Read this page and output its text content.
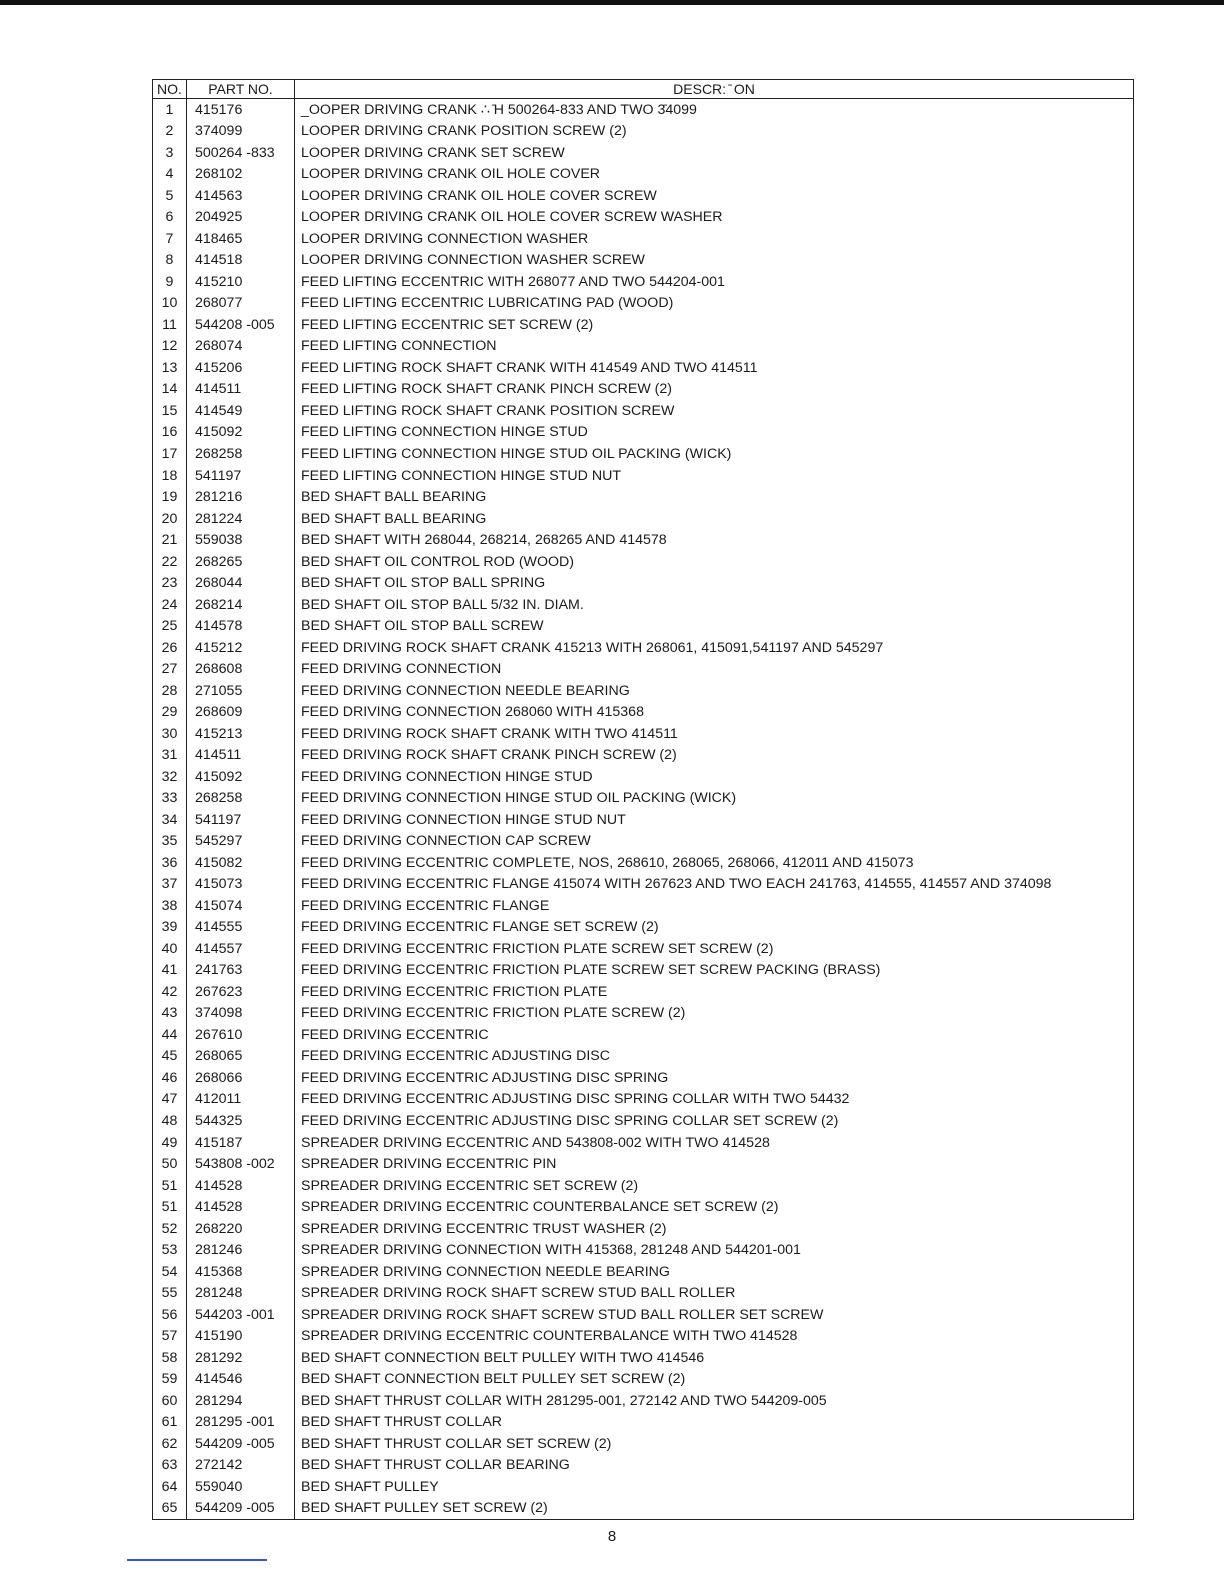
NO.	PART NO.	DESCR: ̄ ON
1	415176	_OOPER DRIVING CRANK ∴ ̄H 500264-833 AND TWO 3̄4099
2	374099	LOOPER DRIVING CRANK POSITION SCREW (2)
3	500264 -833	LOOPER DRIVING CRANK SET SCREW
4	268102	LOOPER DRIVING CRANK OIL HOLE COVER
5	414563	LOOPER DRIVING CRANK OIL HOLE COVER SCREW
6	204925	LOOPER DRIVING CRANK OIL HOLE COVER SCREW WASHER
7	418465	LOOPER DRIVING CONNECTION WASHER
8	414518	LOOPER DRIVING CONNECTION WASHER SCREW
9	415210	FEED LIFTING ECCENTRIC WITH 268077 AND TWO 544204-001
10	268077	FEED LIFTING ECCENTRIC LUBRICATING PAD (WOOD)
11	544208 -005	FEED LIFTING ECCENTRIC SET SCREW (2)
12	268074	FEED LIFTING CONNECTION
13	415206	FEED LIFTING ROCK SHAFT CRANK WITH 414549 AND TWO 414511
14	414511	FEED LIFTING ROCK SHAFT CRANK PINCH SCREW (2)
15	414549	FEED LIFTING ROCK SHAFT CRANK POSITION SCREW
16	415092	FEED LIFTING CONNECTION HINGE STUD
17	268258	FEED LIFTING CONNECTION HINGE STUD OIL PACKING (WICK)
18	541197	FEED LIFTING CONNECTION HINGE STUD NUT
19	281216	BED SHAFT BALL BEARING
20	281224	BED SHAFT BALL BEARING
21	559038	BED SHAFT WITH 268044, 268214, 268265 AND 414578
22	268265	BED SHAFT OIL CONTROL ROD (WOOD)
23	268044	BED SHAFT OIL STOP BALL SPRING
24	268214	BED SHAFT OIL STOP BALL 5/32 IN. DIAM.
25	414578	BED SHAFT OIL STOP BALL SCREW
26	415212	FEED DRIVING ROCK SHAFT CRANK 415213 WITH 268061, 415091,541197 AND 545297
27	268608	FEED DRIVING CONNECTION
28	271055	FEED DRIVING CONNECTION NEEDLE BEARING
29	268609	FEED DRIVING CONNECTION 268060 WITH 415368
30	415213	FEED DRIVING ROCK SHAFT CRANK WITH TWO 414511
31	414511	FEED DRIVING ROCK SHAFT CRANK PINCH SCREW (2)
32	415092	FEED DRIVING CONNECTION HINGE STUD
33	268258	FEED DRIVING CONNECTION HINGE STUD OIL PACKING (WICK)
34	541197	FEED DRIVING CONNECTION HINGE STUD NUT
35	545297	FEED DRIVING CONNECTION CAP SCREW
36	415082	FEED DRIVING ECCENTRIC COMPLETE, NOS, 268610, 268065, 268066, 412011 AND 415073
37	415073	FEED DRIVING ECCENTRIC FLANGE 415074 WITH 267623 AND TWO EACH 241763, 414555, 414557 AND 374098
38	415074	FEED DRIVING ECCENTRIC FLANGE
39	414555	FEED DRIVING ECCENTRIC FLANGE SET SCREW (2)
40	414557	FEED DRIVING ECCENTRIC FRICTION PLATE SCREW SET SCREW (2)
41	241763	FEED DRIVING ECCENTRIC FRICTION PLATE SCREW SET SCREW PACKING (BRASS)
42	267623	FEED DRIVING ECCENTRIC FRICTION PLATE
43	374098	FEED DRIVING ECCENTRIC FRICTION PLATE SCREW (2)
44	267610	FEED DRIVING ECCENTRIC
45	268065	FEED DRIVING ECCENTRIC ADJUSTING DISC
46	268066	FEED DRIVING ECCENTRIC ADJUSTING DISC SPRING
47	412011	FEED DRIVING ECCENTRIC ADJUSTING DISC SPRING COLLAR WITH TWO 54432
48	544325	FEED DRIVING ECCENTRIC ADJUSTING DISC SPRING COLLAR SET SCREW (2)
49	415187	SPREADER DRIVING ECCENTRIC AND 543808-002 WITH TWO 414528
50	543808 -002	SPREADER DRIVING ECCENTRIC PIN
51	414528	SPREADER DRIVING ECCENTRIC SET SCREW (2)
51	414528	SPREADER DRIVING ECCENTRIC COUNTERBALANCE SET SCREW (2)
52	268220	SPREADER DRIVING ECCENTRIC TRUST WASHER (2)
53	281246	SPREADER DRIVING CONNECTION WITH 415368, 281248 AND 544201-001
54	415368	SPREADER DRIVING CONNECTION NEEDLE BEARING
55	281248	SPREADER DRIVING ROCK SHAFT SCREW STUD BALL ROLLER
56	544203 -001	SPREADER DRIVING ROCK SHAFT SCREW STUD BALL ROLLER SET SCREW
57	415190	SPREADER DRIVING ECCENTRIC COUNTERBALANCE WITH TWO 414528
58	281292	BED SHAFT CONNECTION BELT PULLEY WITH TWO 414546
59	414546	BED SHAFT CONNECTION BELT PULLEY SET SCREW (2)
60	281294	BED SHAFT THRUST COLLAR WITH 281295-001, 272142 AND TWO 544209-005
61	281295 -001	BED SHAFT THRUST COLLAR
62	544209 -005	BED SHAFT THRUST COLLAR SET SCREW (2)
63	272142	BED SHAFT THRUST COLLAR BEARING
64	559040	BED SHAFT PULLEY
65	544209 -005	BED SHAFT PULLEY SET SCREW (2)
8
